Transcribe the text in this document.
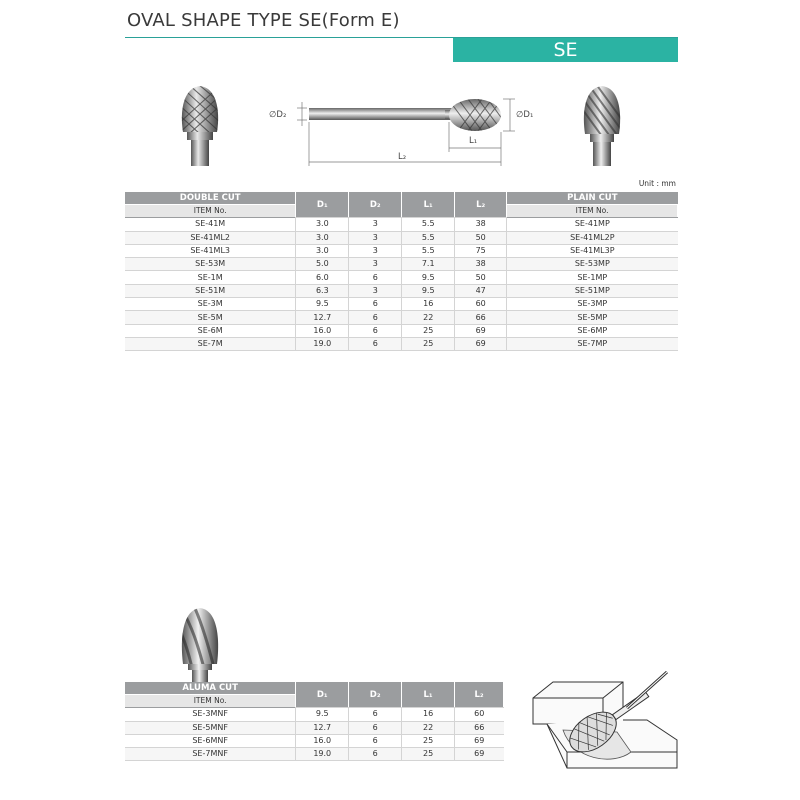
OVAL SHAPE TYPE SE(Form E)
SE
∅D₂	∅D₁
L₁
L₂
Unit : mm
DOUBLE CUT	D₁	D₂	L₁	L₂	PLAIN CUT
ITEM No.					ITEM No.
SE-41M	3.0	3	5.5	38	SE-41MP
SE-41ML2	3.0	3	5.5	50	SE-41ML2P
SE-41ML3	3.0	3	5.5	75	SE-41ML3P
SE-53M	5.0	3	7.1	38	SE-53MP
SE-1M	6.0	6	9.5	50	SE-1MP
SE-51M	6.3	3	9.5	47	SE-51MP
SE-3M	9.5	6	16	60	SE-3MP
SE-5M	12.7	6	22	66	SE-5MP
SE-6M	16.0	6	25	69	SE-6MP
SE-7M	19.0	6	25	69	SE-7MP
ALUMA CUT	D₁	D₂	L₁	L₂
ITEM No.				
SE-3MNF	9.5	6	16	60
SE-5MNF	12.7	6	22	66
SE-6MNF	16.0	6	25	69
SE-7MNF	19.0	6	25	69
